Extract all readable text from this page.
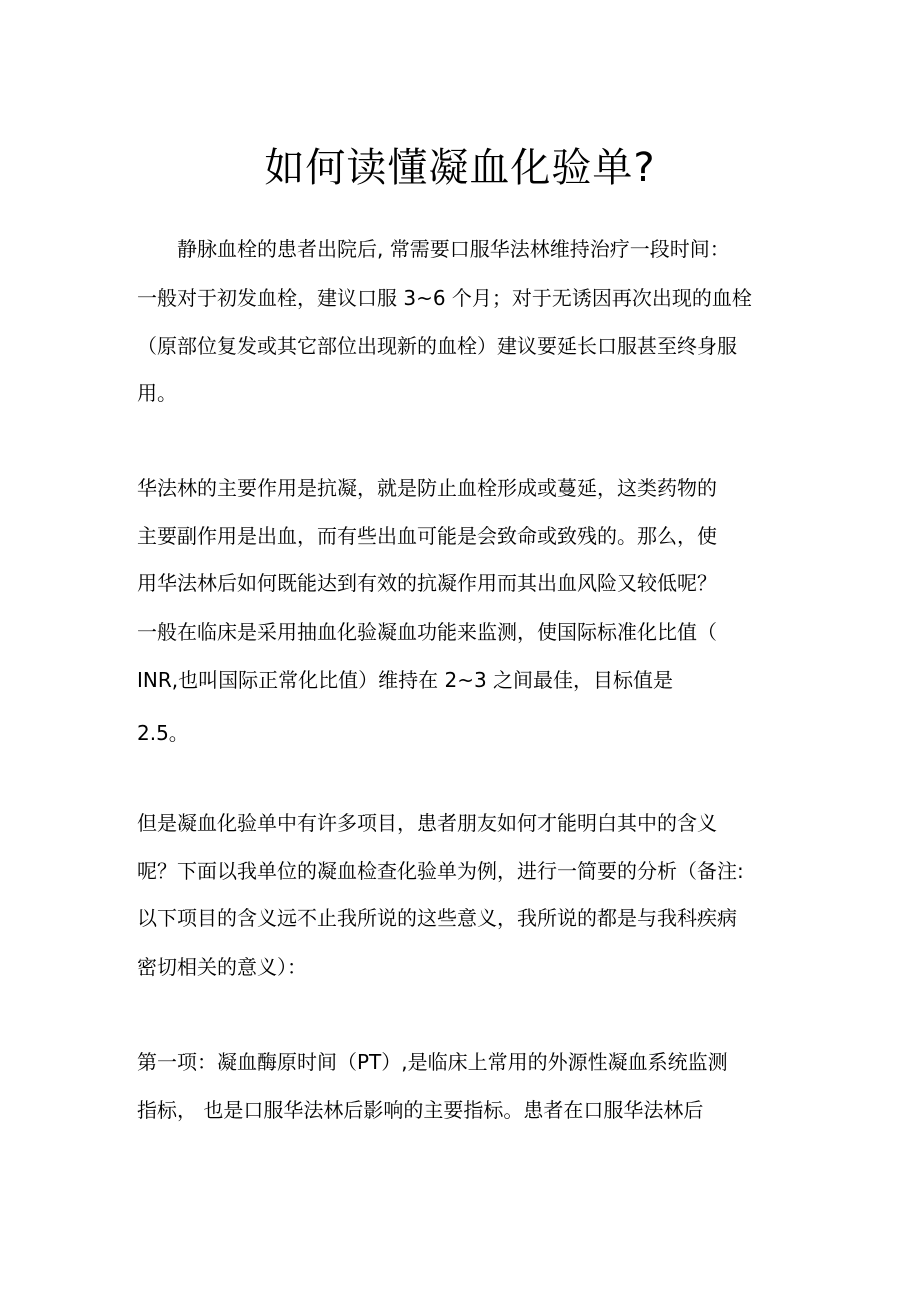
如何读懂凝血化验单?

静脉血栓的患者出院后, 常需要口服华法林维持治疗一段时间：

一般对于初发血栓，建议口服 3~6 个月；对于无诱因再次出现的血栓

（原部位复发或其它部位出现新的血栓）建议要延长口服甚至终身服

用。

华法林的主要作用是抗凝，就是防止血栓形成或蔓延，这类药物的

主要副作用是出血，而有些出血可能是会致命或致残的。那么，使

用华法林后如何既能达到有效的抗凝作用而其出血风险又较低呢？

一般在临床是采用抽血化验凝血功能来监测，使国际标准化比值（

INR,也叫国际正常化比值）维持在 2~3 之间最佳，目标值是

2.5。

但是凝血化验单中有许多项目，患者朋友如何才能明白其中的含义

呢？下面以我单位的凝血检查化验单为例，进行一简要的分析（备注:

以下项目的含义远不止我所说的这些意义，我所说的都是与我科疾病

密切相关的意义）：

第一项：凝血酶原时间（PT）,是临床上常用的外源性凝血系统监测

指标， 也是口服华法林后影响的主要指标。患者在口服华法林后
